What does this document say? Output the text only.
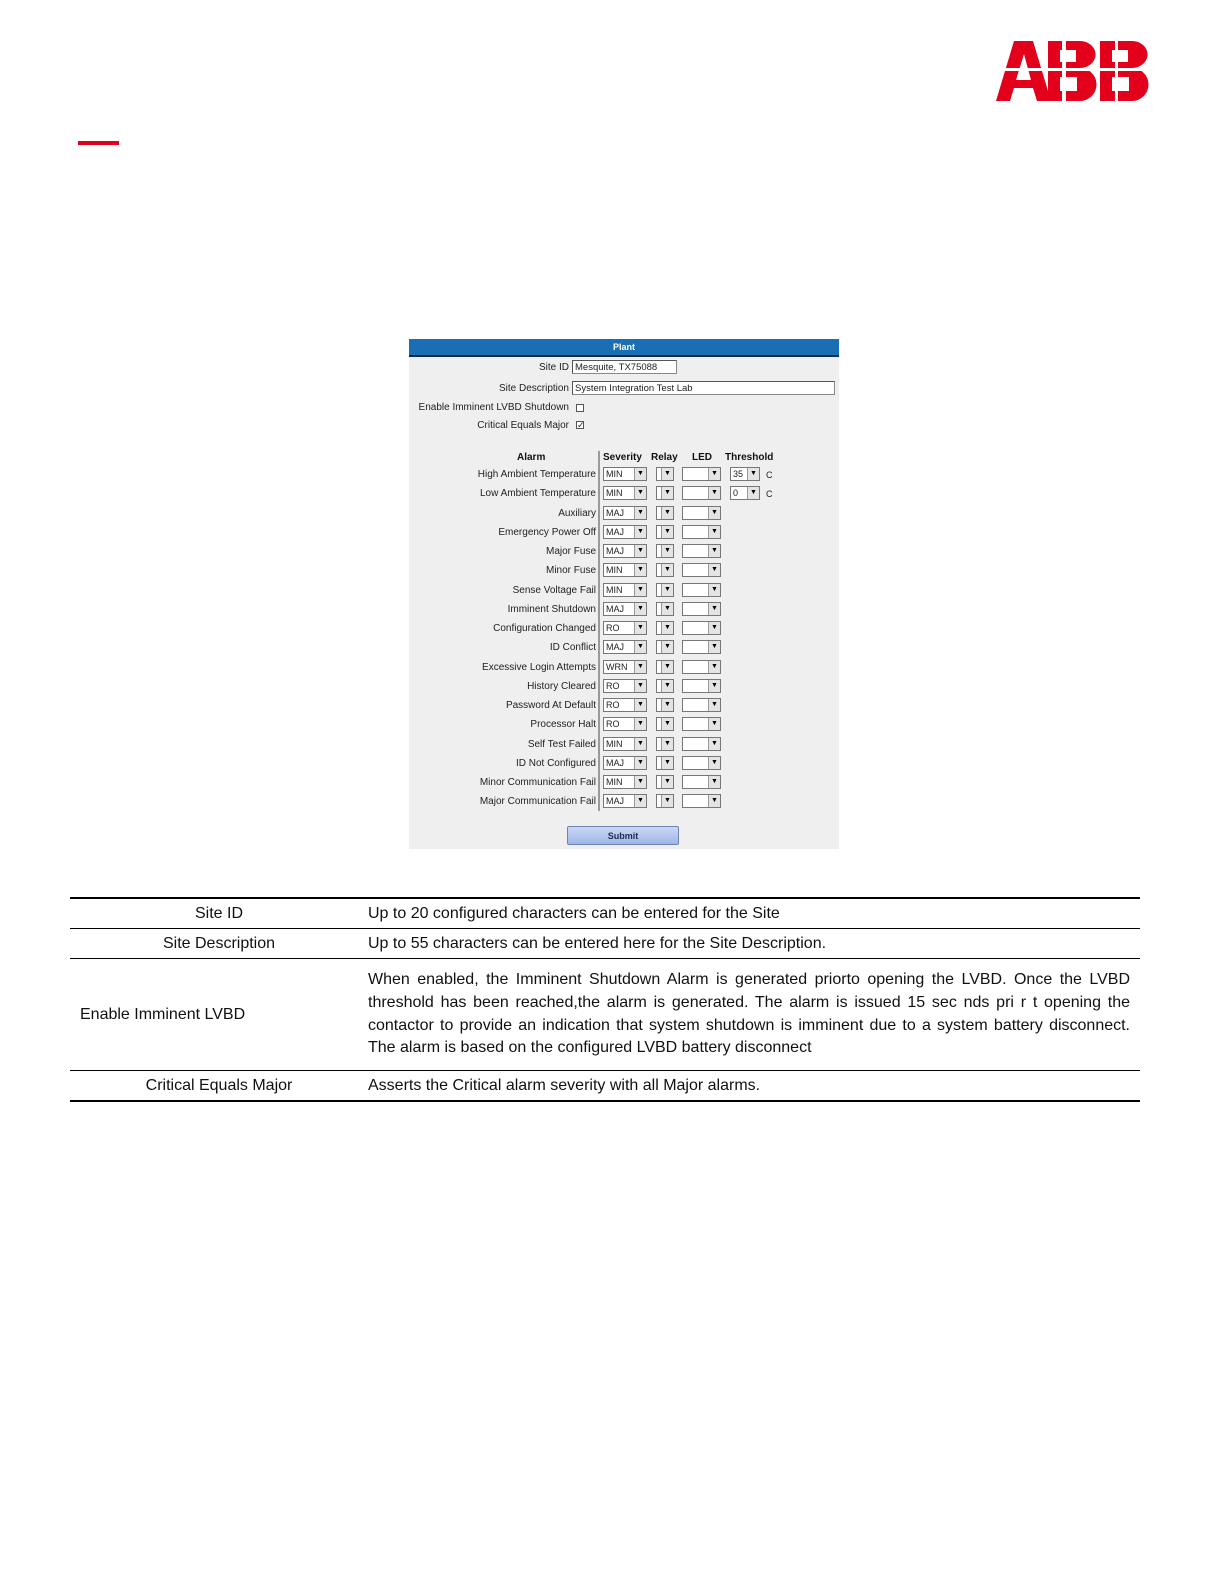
Plant
Site ID Mesquite, TX75088
Site Description System Integration Test Lab
Enable Imminent LVBD Shutdown
Critical Equals Major ✓
Alarm	Severity Relay LED Threshold
High Ambient Temperature	MIN	▼	▼	▼	35	▼ C
Low Ambient Temperature	MIN	▼	▼	▼	0	▼ C
Auxiliary	MAJ	▼	▼	▼
Emergency Power Off	MAJ	▼	▼	▼
Major Fuse	MAJ	▼	▼	▼
Minor Fuse	MIN	▼	▼	▼
Sense Voltage Fail	MIN	▼	▼	▼
Imminent Shutdown	MAJ	▼	▼	▼
Configuration Changed	RO	▼	▼	▼
ID Conflict	MAJ	▼	▼	▼
Excessive Login Attempts	WRN	▼	▼	▼
History Cleared	RO	▼	▼	▼
Password At Default	RO	▼	▼	▼
Processor Halt	RO	▼	▼	▼
Self Test Failed	MIN	▼	▼	▼
ID Not Configured	MAJ	▼	▼	▼
Minor Communication Fail	MIN	▼	▼	▼
Major Communication Fail	MAJ	▼	▼	▼
Submit
Site ID	Up to 20 configured characters can be entered for the Site
Site Description	Up to 55 characters can be entered here for the Site Description.
Enable Imminent LVBD	When enabled, the Imminent Shutdown Alarm is generated priorto opening the LVBD. Once the LVBD threshold has been reached,the alarm is generated. The alarm is issued 15 sec nds pri r t opening the contactor to provide an indication that system shutdown is imminent due to a system battery disconnect. The alarm is based on the configured LVBD battery disconnect
Critical Equals Major	Asserts the Critical alarm severity with all Major alarms.
